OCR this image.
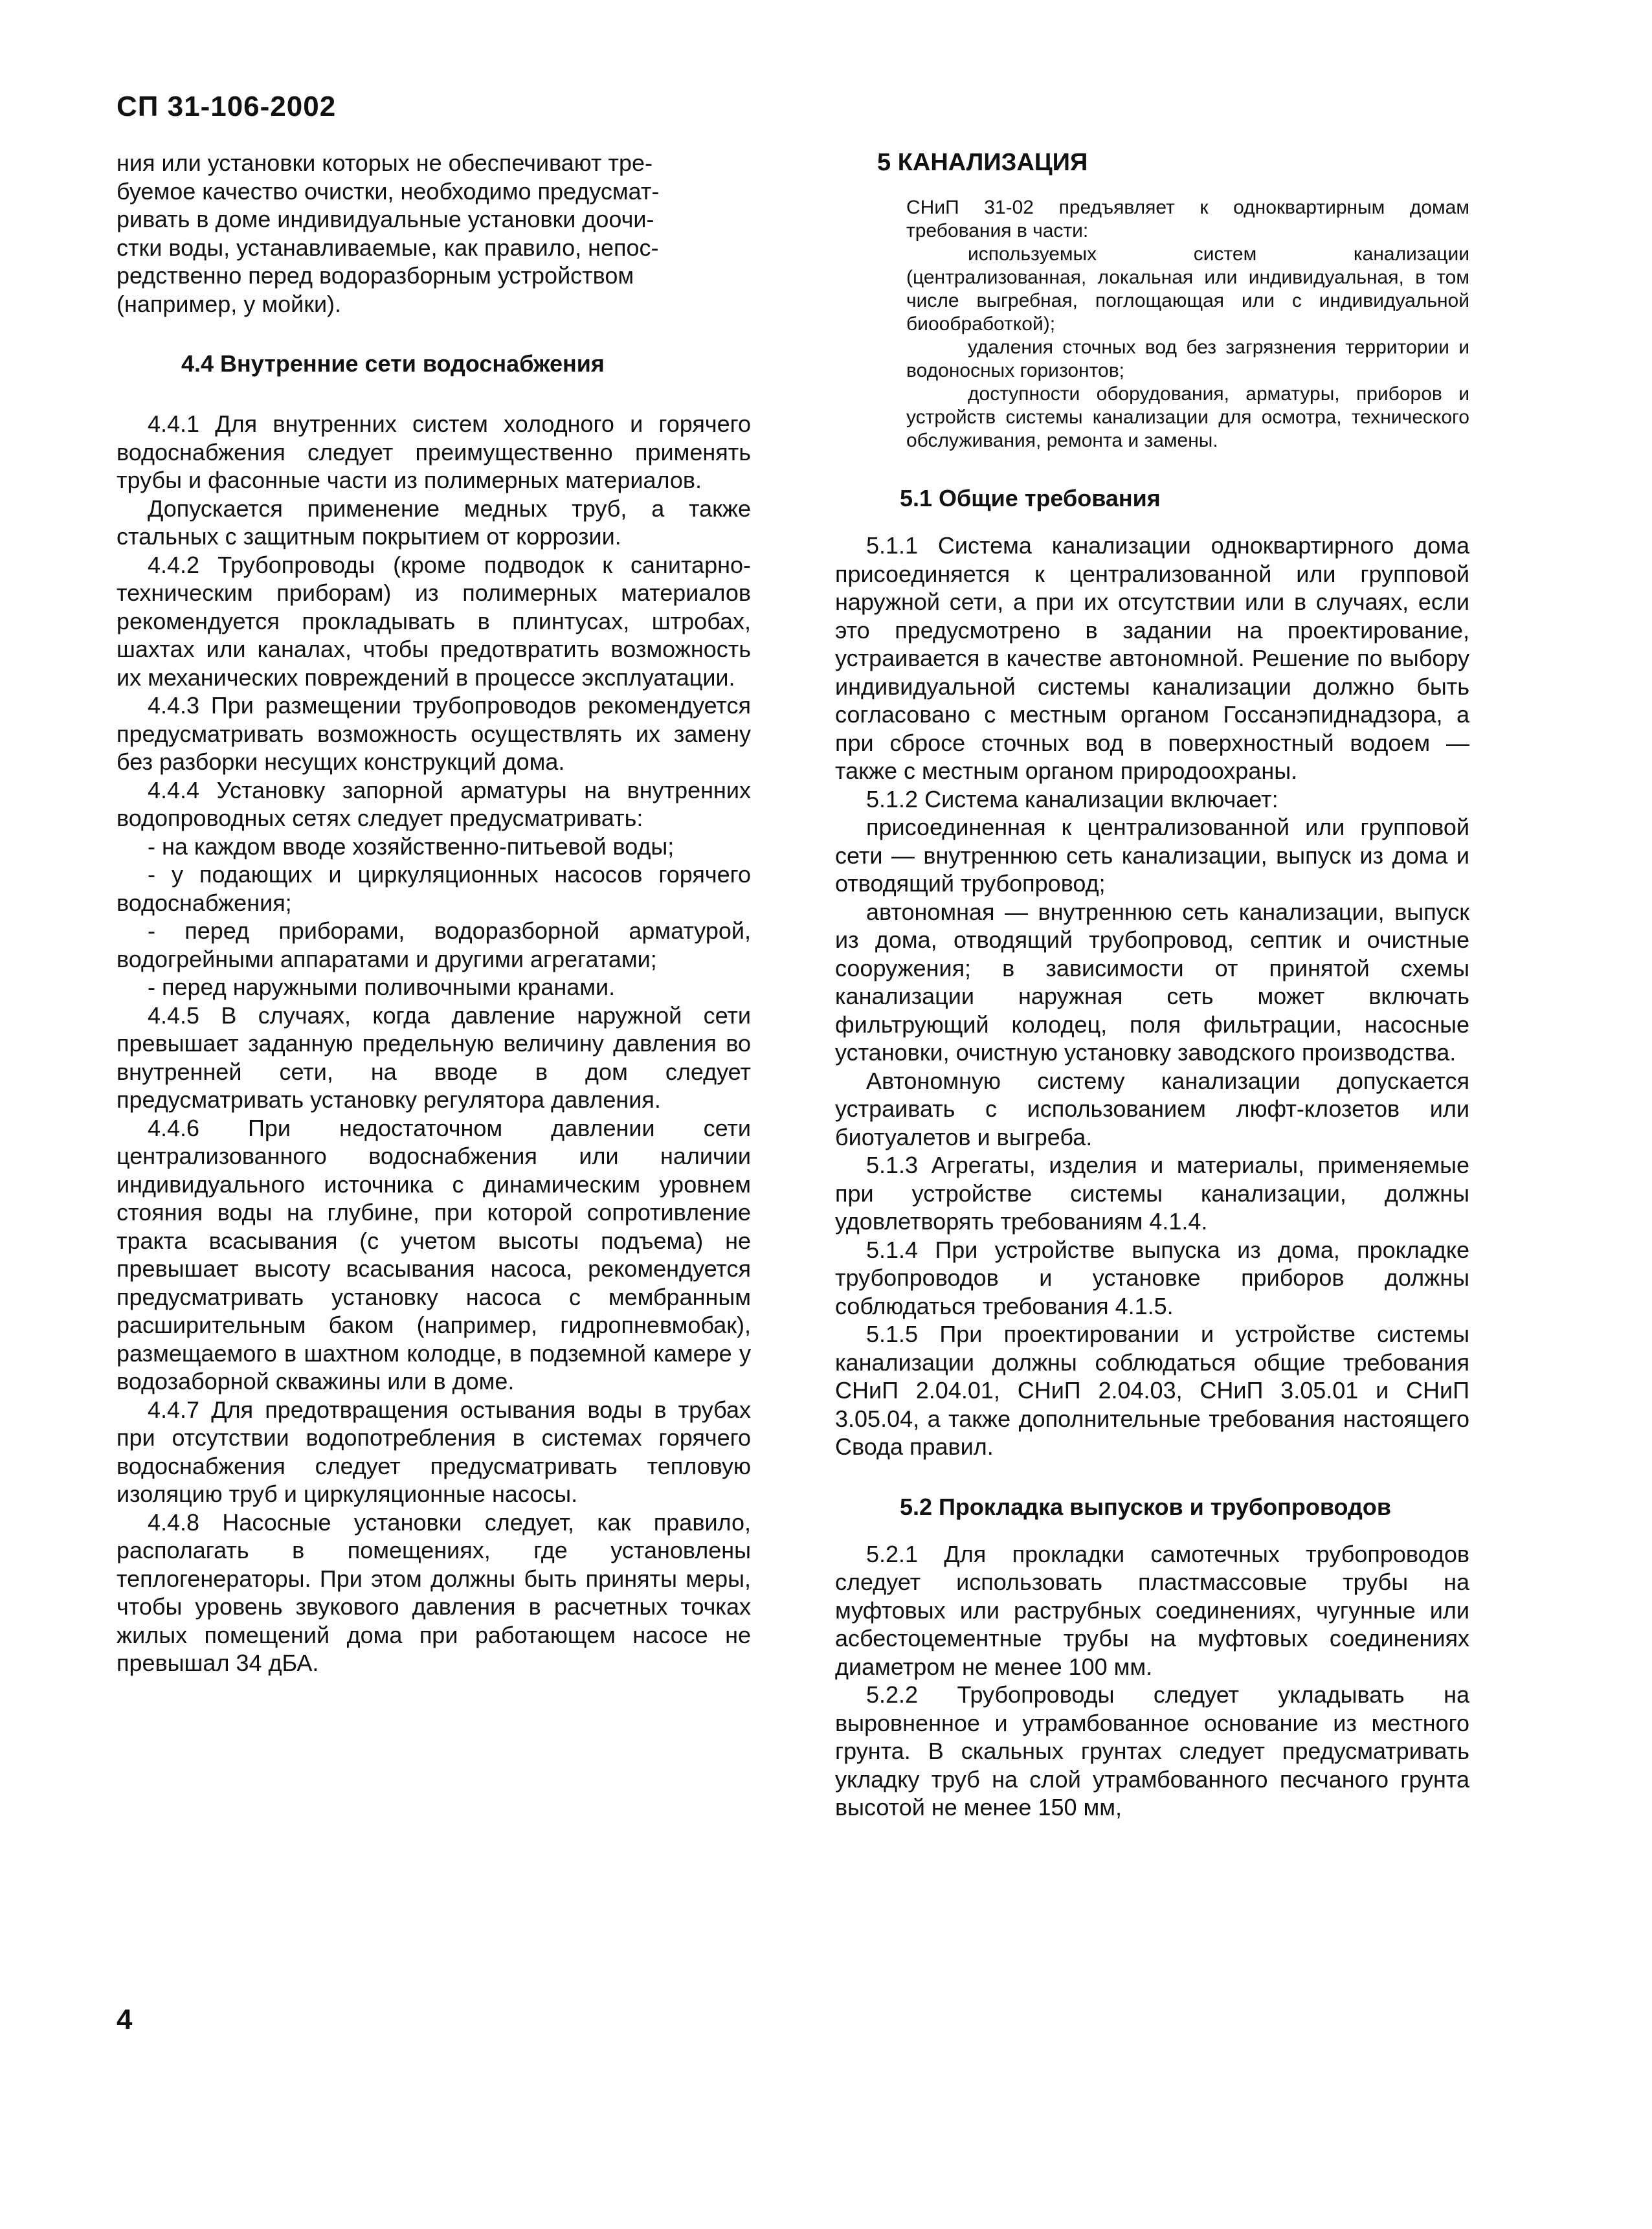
СП 31-106-2002

ния или установки которых не обеспечивают тре-

буемое качество очистки, необходимо предусмат-

ривать в доме индивидуальные установки доочи-

стки воды, устанавливаемые, как правило, непос-

редственно перед водоразборным устройством

(например, у мойки).

4.4 Внутренние сети водоснабжения

4.4.1 Для внутренних систем холодного и горячего водоснабжения следует преимущественно применять трубы и фасонные части из полимерных материалов.

Допускается применение медных труб, а также стальных с защитным покрытием от коррозии.

4.4.2 Трубопроводы (кроме подводок к санитарно-техническим приборам) из полимерных материалов рекомендуется прокладывать в плинтусах, штробах, шахтах или каналах, чтобы предотвратить возможность их механических повреждений в процессе эксплуатации.

4.4.3 При размещении трубопроводов рекомендуется предусматривать возможность осуществлять их замену без разборки несущих конструкций дома.

4.4.4 Установку запорной арматуры на внутренних водопроводных сетях следует предусматривать:

- на каждом вводе хозяйственно-питьевой воды;

- у подающих и циркуляционных насосов горячего водоснабжения;

- перед приборами, водоразборной арматурой, водогрейными аппаратами и другими агрегатами;

- перед наружными поливочными кранами.

4.4.5 В случаях, когда давление наружной сети превышает заданную предельную величину давления во внутренней сети, на вводе в дом следует предусматривать установку регулятора давления.

4.4.6 При недостаточном давлении сети централизованного водоснабжения или наличии индивидуального источника с динамическим уровнем стояния воды на глубине, при которой сопротивление тракта всасывания (с учетом высоты подъема) не превышает высоту всасывания насоса, рекомендуется предусматривать установку насоса с мембранным расширительным баком (например, гидропневмобак), размещаемого в шахтном колодце, в подземной камере у водозаборной скважины или в доме.

4.4.7 Для предотвращения остывания воды в трубах при отсутствии водопотребления в системах горячего водоснабжения следует предусматривать тепловую изоляцию труб и циркуляционные насосы.

4.4.8 Насосные установки следует, как правило, располагать в помещениях, где установлены теплогенераторы. При этом должны быть приняты меры, чтобы уровень звукового давления в расчетных точках жилых помещений дома при работающем насосе не превышал 34 дБА.

5 КАНАЛИЗАЦИЯ

СНиП 31-02 предъявляет к одноквартирным домам требования в части:

используемых систем канализации (централизованная, локальная или индивидуальная, в том числе выгребная, поглощающая или с индивидуальной биообработкой);

удаления сточных вод без загрязнения территории и водоносных горизонтов;

доступности оборудования, арматуры, приборов и устройств системы канализации для осмотра, технического обслуживания, ремонта и замены.

5.1 Общие требования

5.1.1 Система канализации одноквартирного дома присоединяется к централизованной или групповой наружной сети, а при их отсутствии или в случаях, если это предусмотрено в задании на проектирование, устраивается в качестве автономной. Решение по выбору индивидуальной системы канализации должно быть согласовано с местным органом Госсанэпиднадзора, а при сбросе сточных вод в поверхностный водоем — также с местным органом природоохраны.

5.1.2 Система канализации включает:

присоединенная к централизованной или групповой сети — внутреннюю сеть канализации, выпуск из дома и отводящий трубопровод;

автономная — внутреннюю сеть канализации, выпуск из дома, отводящий трубопровод, септик и очистные сооружения; в зависимости от принятой схемы канализации наружная сеть может включать фильтрующий колодец, поля фильтрации, насосные установки, очистную установку заводского производства.

Автономную систему канализации допускается устраивать с использованием люфт-клозетов или биотуалетов и выгреба.

5.1.3 Агрегаты, изделия и материалы, применяемые при устройстве системы канализации, должны удовлетворять требованиям 4.1.4.

5.1.4 При устройстве выпуска из дома, прокладке трубопроводов и установке приборов должны соблюдаться требования 4.1.5.

5.1.5 При проектировании и устройстве системы канализации должны соблюдаться общие требования СНиП 2.04.01, СНиП 2.04.03, СНиП 3.05.01 и СНиП 3.05.04, а также дополнительные требования настоящего Свода правил.

5.2 Прокладка выпусков и трубопроводов

5.2.1 Для прокладки самотечных трубопроводов следует использовать пластмассовые трубы на муфтовых или раструбных соединениях, чугунные или асбестоцементные трубы на муфтовых соединениях диаметром не менее 100 мм.

5.2.2 Трубопроводы следует укладывать на выровненное и утрамбованное основание из местного грунта. В скальных грунтах следует предусматривать укладку труб на слой утрамбованного песчаного грунта высотой не менее 150 мм,

4
